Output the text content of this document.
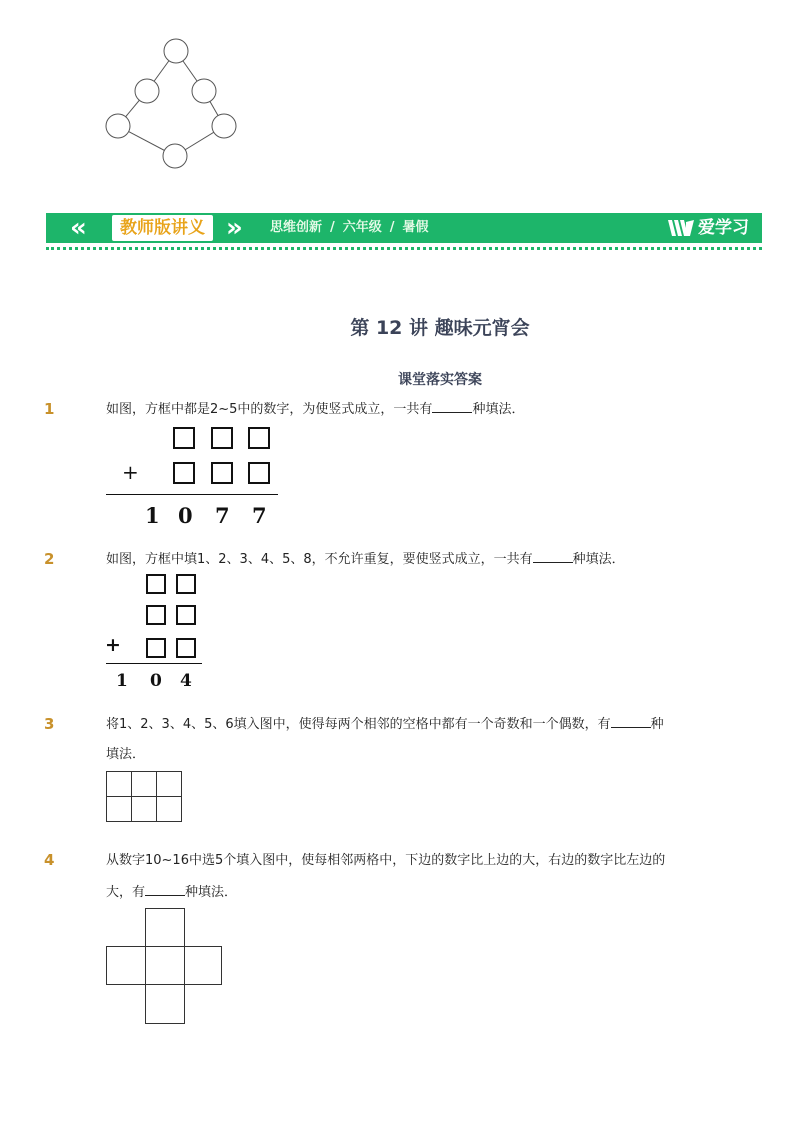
«	教师版讲义 » 思维创新 / 六年级 / 暑假	爱学习
第 12 讲 趣味元宵会
课堂落实答案
1	如图，方框中都是2~5中的数字，为使竖式成立，一共有	种填法．
+
1 0 7 7
2	如图，方框中填1、2、3、4、5、8，不允许重复，要使竖式成立，一共有	种填法．
+
1 0 4
3	将1、2、3、4、5、6填入图中，使得每两个相邻的空格中都有一个奇数和一个偶数，有	种
填法．
4	从数字10~16中选5个填入图中，使每相邻两格中，下边的数字比上边的大，右边的数字比左边的
大，有	种填法．
